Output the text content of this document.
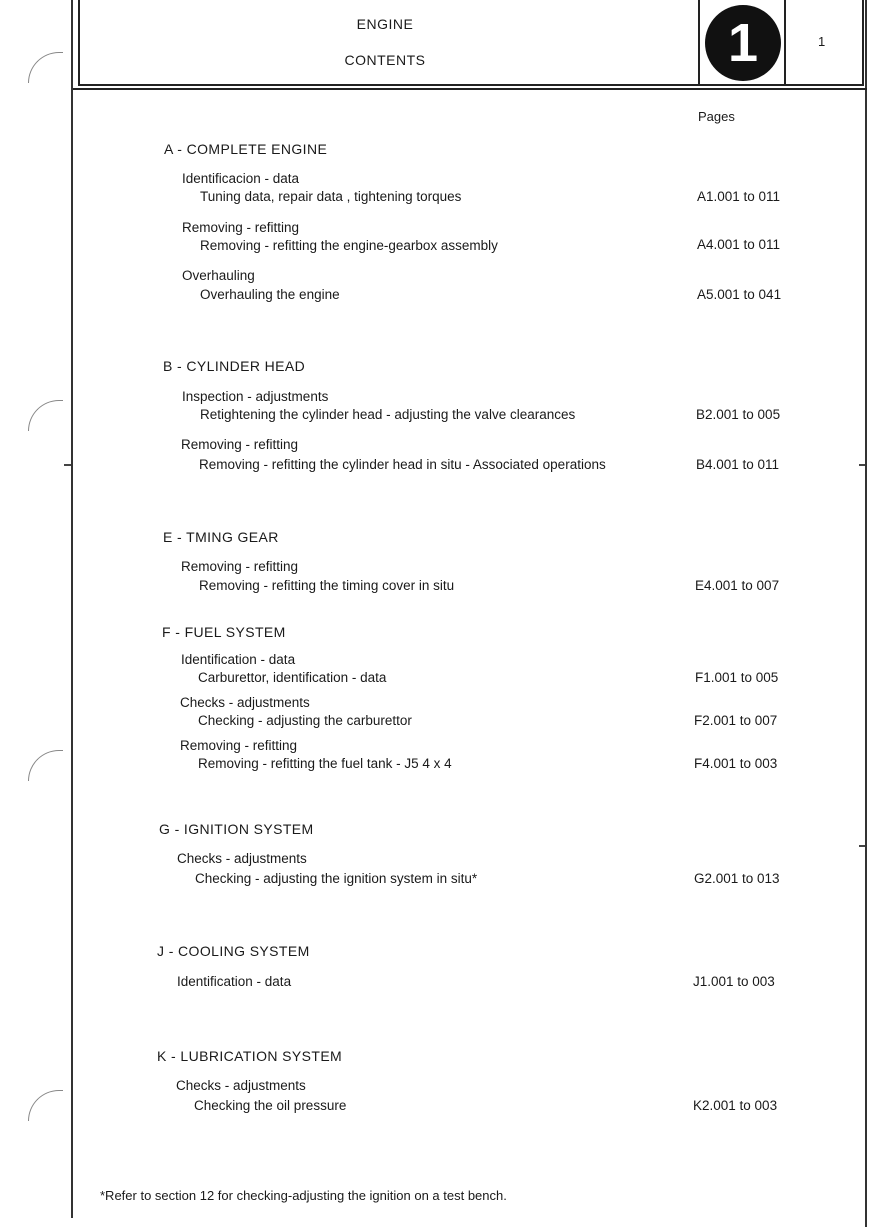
ENGINE
CONTENTS	1	1
Pages
A - COMPLETE ENGINE
Identificacion - data
Tuning data, repair data , tightening torques	A1.001 to 011
Removing - refitting
Removing - refitting the engine-gearbox assembly	A4.001 to 011
Overhauling
Overhauling the engine	A5.001 to 041
B - CYLINDER HEAD
Inspection - adjustments
Retightening the cylinder head - adjusting the valve clearances	B2.001 to 005
Removing - refitting
Removing - refitting the cylinder head in situ - Associated operations	B4.001 to 011
E - TMING GEAR
Removing - refitting
Removing - refitting the timing cover in situ	E4.001 to 007
F - FUEL SYSTEM
Identification - data
Carburettor, identification - data	F1.001 to 005
Checks - adjustments
Checking - adjusting the carburettor	F2.001 to 007
Removing - refitting
Removing - refitting the fuel tank - J5 4 x 4	F4.001 to 003
G - IGNITION SYSTEM
Checks - adjustments
Checking - adjusting the ignition system in situ*	G2.001 to 013
J - COOLING SYSTEM
Identification - data	J1.001 to 003
K - LUBRICATION SYSTEM
Checks - adjustments
Checking the oil pressure	K2.001 to 003
*Refer to section 12 for checking-adjusting the ignition on a test bench.
